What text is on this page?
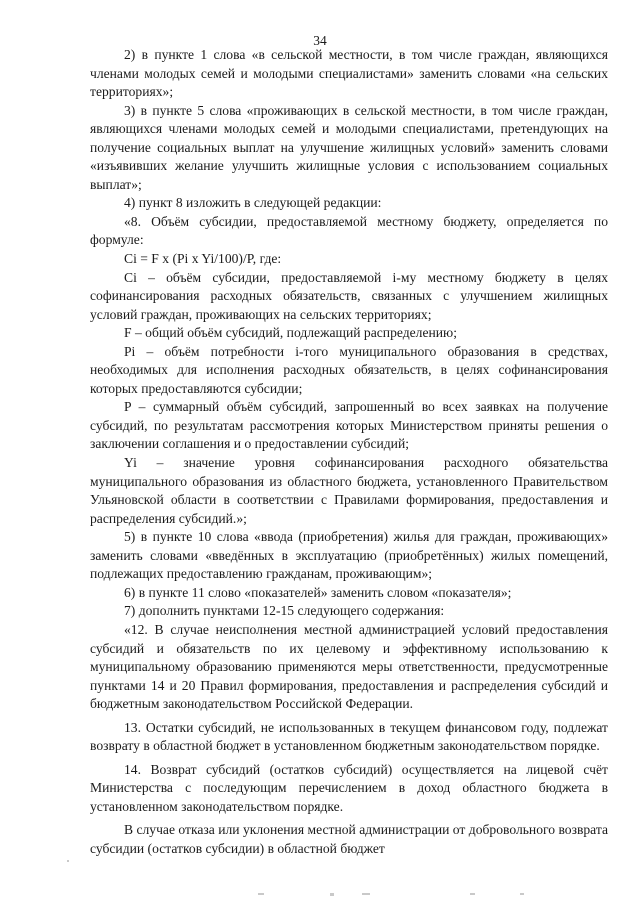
34

2) в пункте 1 слова «в сельской местности, в том числе граждан, являющихся членами молодых семей и молодыми специалистами» заменить словами «на сельских территориях»;

3) в пункте 5 слова «проживающих в сельской местности, в том числе граждан, являющихся членами молодых семей и молодыми специалистами, претендующих на получение социальных выплат на улучшение жилищных условий» заменить словами «изъявивших желание улучшить жилищные условия с использованием социальных выплат»;

4) пункт 8 изложить в следующей редакции:

«8. Объём субсидии, предоставляемой местному бюджету, определяется по формуле:

Ci = F x (Pi x Yi/100)/P, где:

Ci – объём субсидии, предоставляемой i-му местному бюджету в целях софинансирования расходных обязательств, связанных с улучшением жилищных условий граждан, проживающих на сельских территориях;

F – общий объём субсидий, подлежащий распределению;

Pi – объём потребности i-того муниципального образования в средствах, необходимых для исполнения расходных обязательств, в целях софинансирования которых предоставляются субсидии;

P – суммарный объём субсидий, запрошенный во всех заявках на получение субсидий, по результатам рассмотрения которых Министерством приняты решения о заключении соглашения и о предоставлении субсидий;

Yi – значение уровня софинансирования расходного обязательства муниципального образования из областного бюджета, установленного Правительством Ульяновской области в соответствии с Правилами формирования, предоставления и распределения субсидий.»;

5) в пункте 10 слова «ввода (приобретения) жилья для граждан, проживающих» заменить словами «введённых в эксплуатацию (приобретённых) жилых помещений, подлежащих предоставлению гражданам, проживающим»;

6) в пункте 11 слово «показателей» заменить словом «показателя»;

7) дополнить пунктами 12-15 следующего содержания:

«12. В случае неисполнения местной администрацией условий предоставления субсидий и обязательств по их целевому и эффективному использованию к муниципальному образованию применяются меры ответственности, предусмотренные пунктами 14 и 20 Правил формирования, предоставления и распределения субсидий и бюджетным законодательством Российской Федерации.

13. Остатки субсидий, не использованных в текущем финансовом году, подлежат возврату в областной бюджет в установленном бюджетным законодательством порядке.

14. Возврат субсидий (остатков субсидий) осуществляется на лицевой счёт Министерства с последующим перечислением в доход областного бюджета в установленном законодательством порядке.

В случае отказа или уклонения местной администрации от добровольного возврата субсидии (остатков субсидии) в областной бюджет
